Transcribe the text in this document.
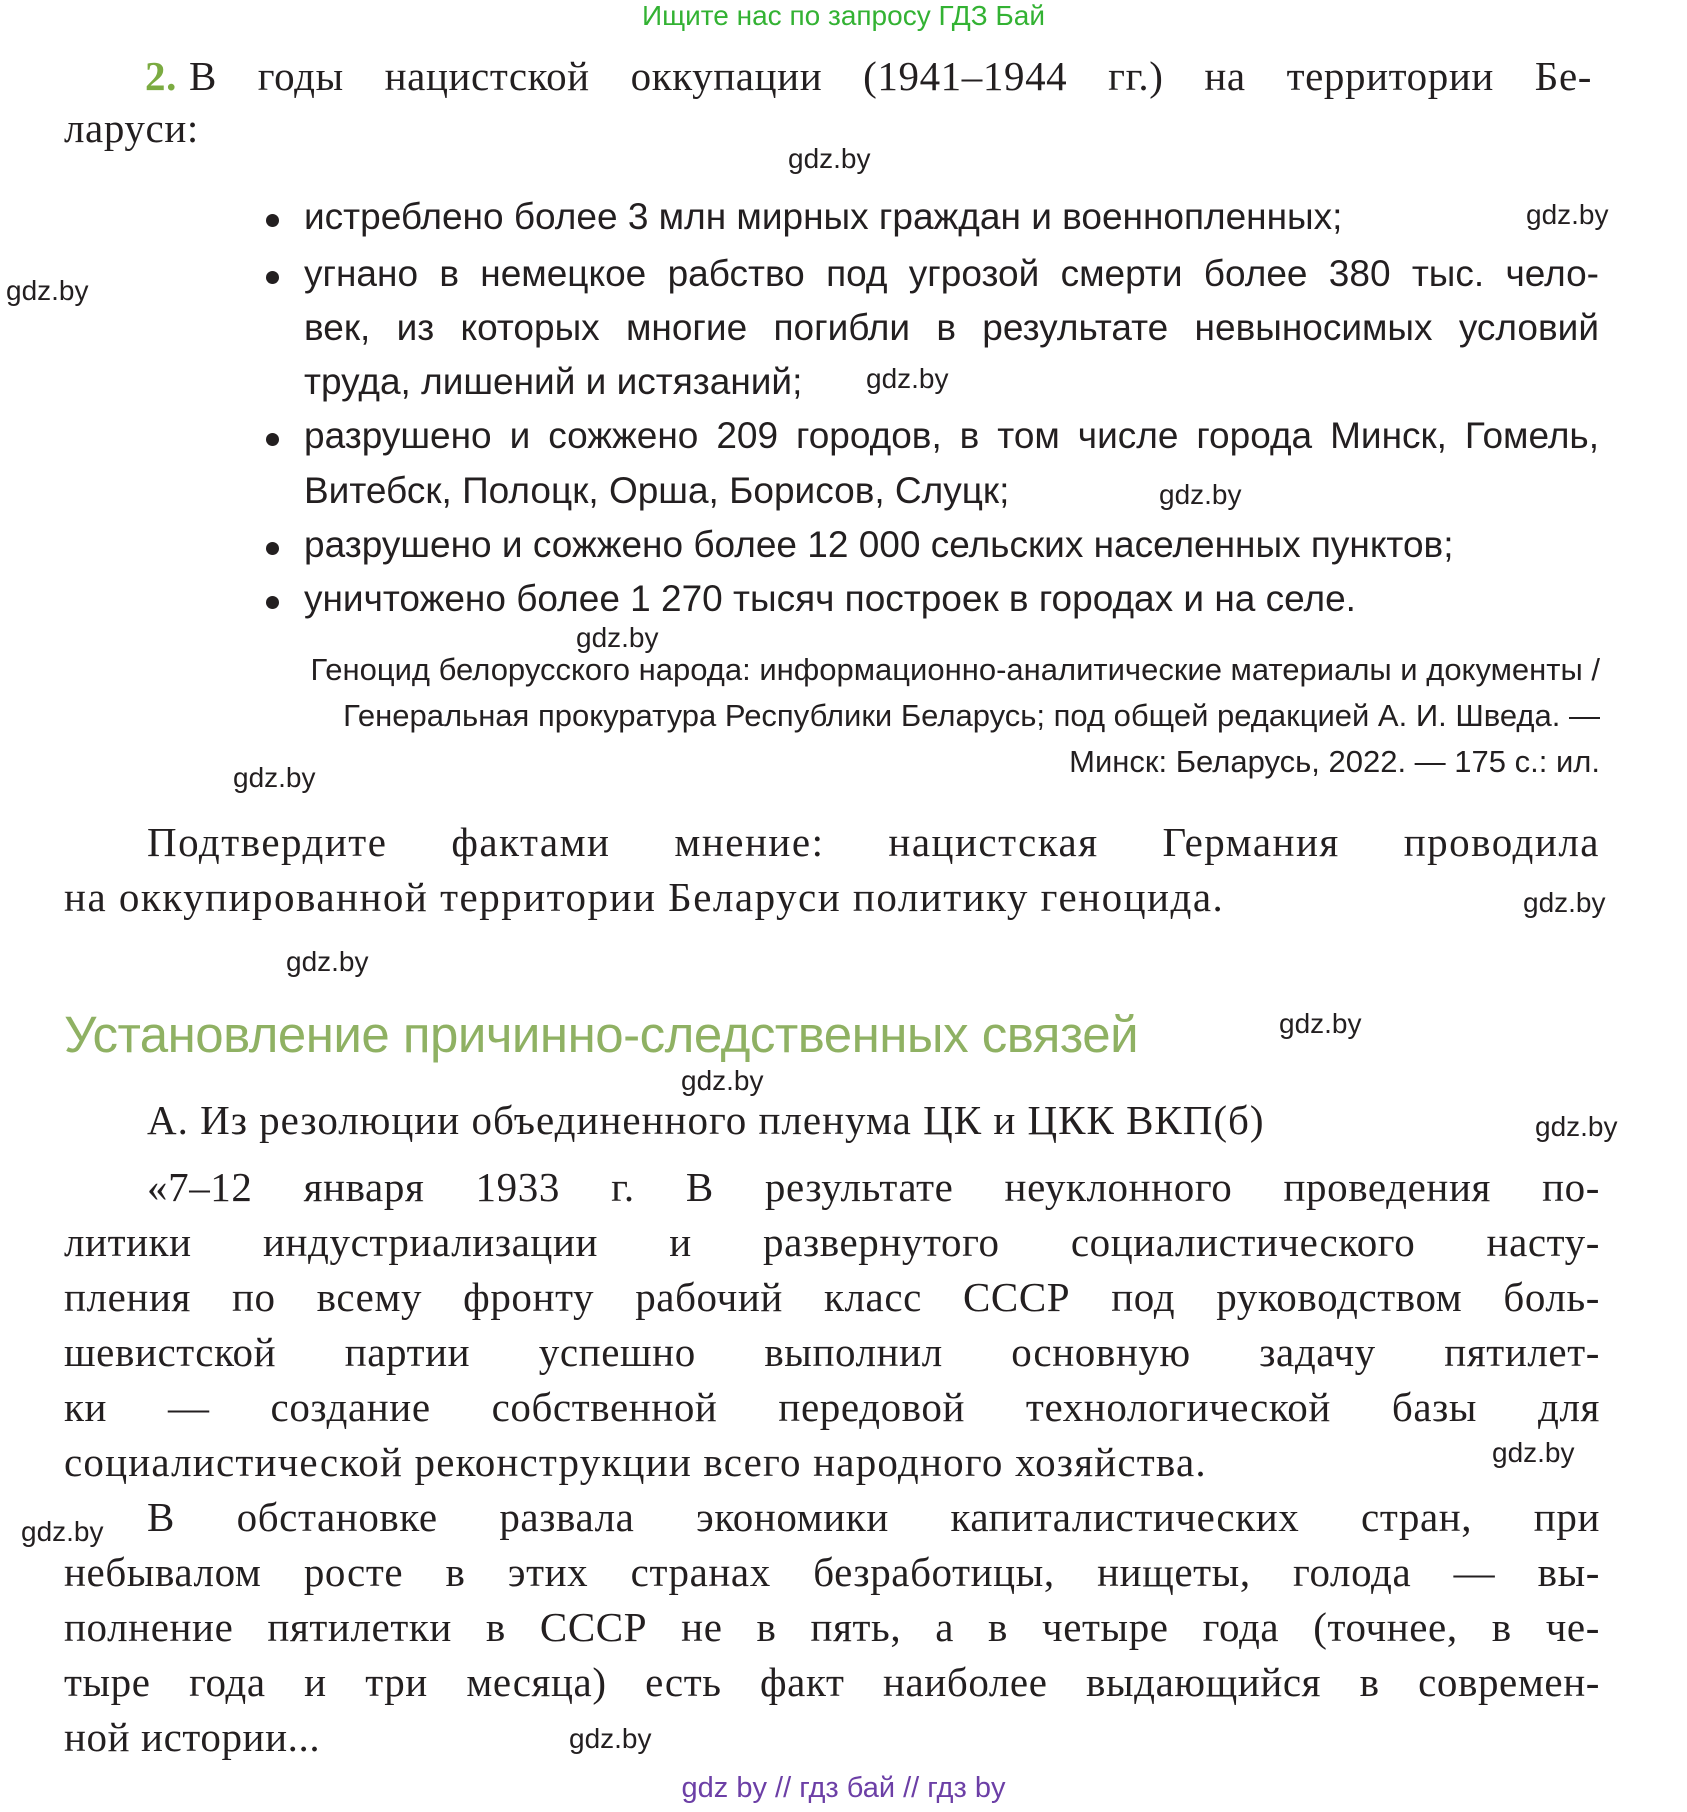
Ищите нас по запросу ГДЗ Бай
2. В годы нацистской оккупации (1941–1944 гг.) на территории Бе-
ларуси:
истреблено более 3 млн мирных граждан и военнопленных;
угнано в немецкое рабство под угрозой смерти более 380 тыс. чело-
век, из которых многие погибли в результате невыносимых условий
труда, лишений и истязаний;
разрушено и сожжено 209 городов, в том числе города Минск, Гомель,
Витебск, Полоцк, Орша, Борисов, Слуцк;
разрушено и сожжено более 12 000 сельских населенных пунктов;
уничтожено более 1 270 тысяч построек в городах и на селе.
Геноцид белорусского народа: информационно-аналитические материалы и документы /
Генеральная прокуратура Республики Беларусь; под общей редакцией А. И. Шведа. —
Минск: Беларусь, 2022. — 175 с.: ил.
Подтвердите фактами мнение: нацистская Германия проводила
на оккупированной территории Беларуси политику геноцида.
Установление причинно-следственных связей
А. Из резолюции объединенного пленума ЦК и ЦКК ВКП(б)
«7–12 января 1933 г. В результате неуклонного проведения по-
литики индустриализации и развернутого социалистического насту-
пления по всему фронту рабочий класс СССР под руководством боль-
шевистской партии успешно выполнил основную задачу пятилет-
ки — создание собственной передовой технологической базы для
социалистической реконструкции всего народного хозяйства.
В обстановке развала экономики капиталистических стран, при
небывалом росте в этих странах безработицы, нищеты, голода — вы-
полнение пятилетки в СССР не в пять, а в четыре года (точнее, в че-
тыре года и три месяца) есть факт наиболее выдающийся в современ-
ной истории...
gdz.by
gdz.by
gdz.by
gdz.by
gdz.by
gdz.by
gdz.by
gdz.by
gdz.by
gdz.by
gdz.by
gdz.by
gdz.by
gdz.by
gdz.by
gdz by // гдз бай // гдз by
